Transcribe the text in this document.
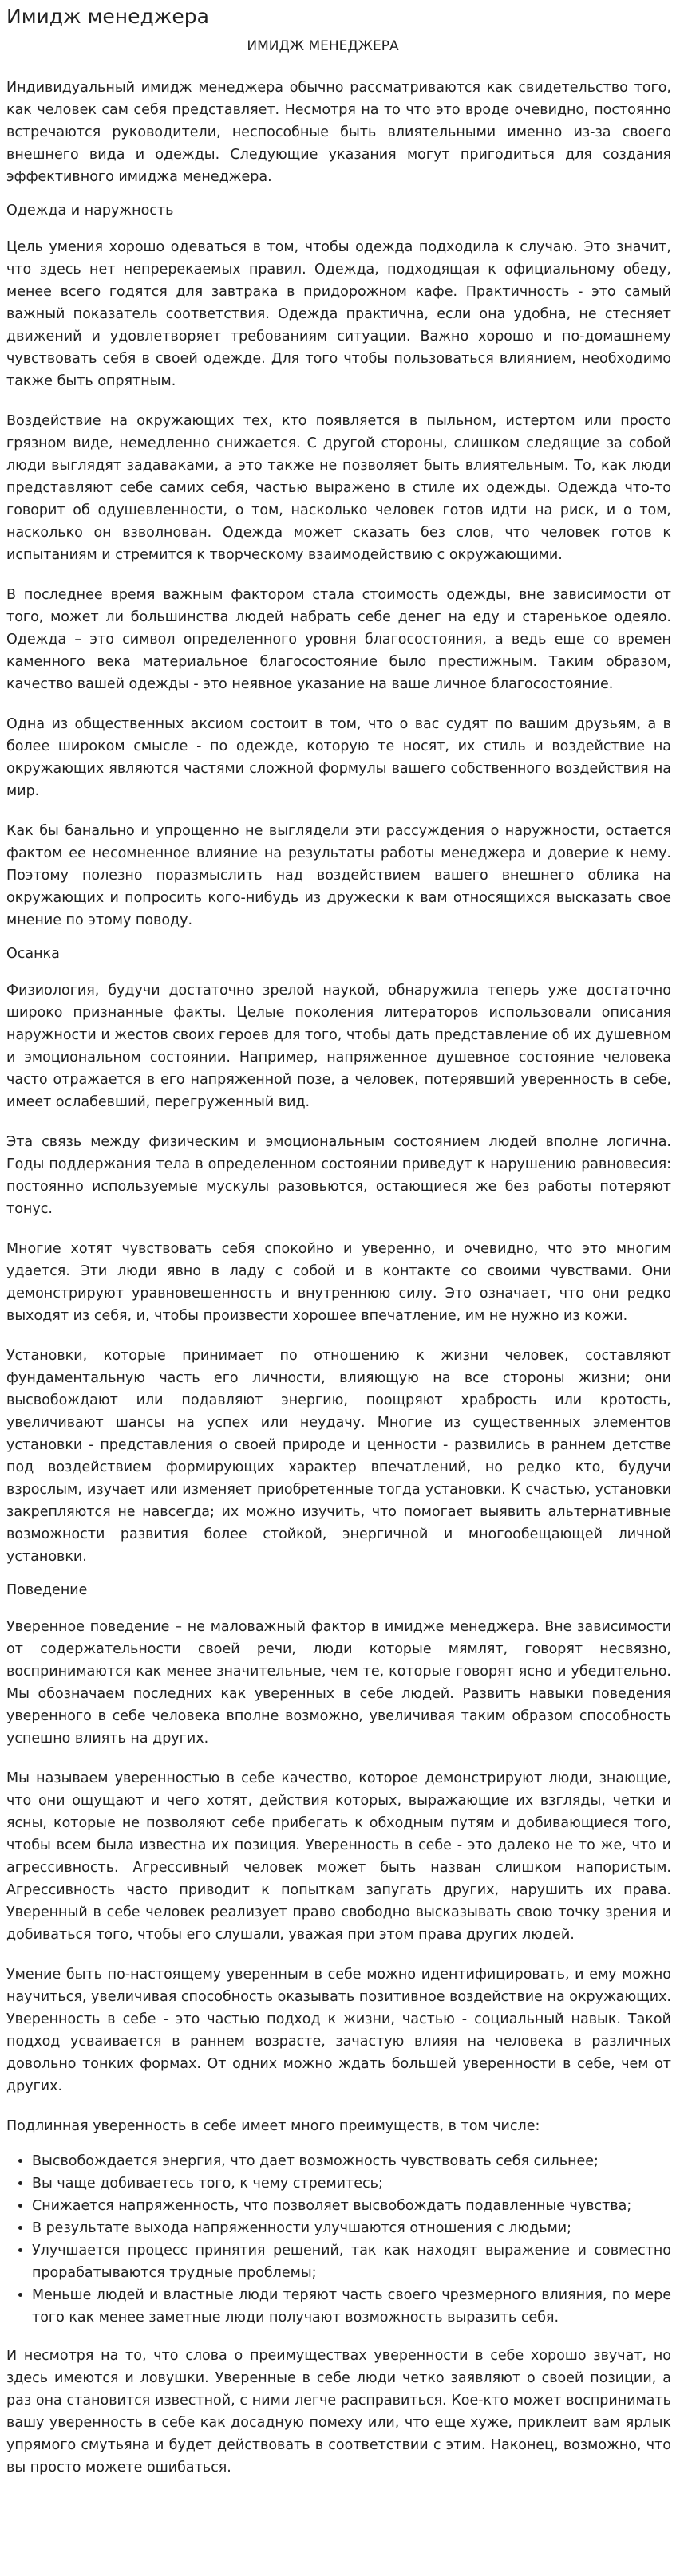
Имидж менеджера
ИМИДЖ МЕНЕДЖЕРА

Индивидуальный имидж менеджера обычно рассматриваются как свидетельство того, как человек сам себя представляет. Несмотря на то что это вроде очевидно, постоянно встречаются руководители, неспособные быть влиятельными именно из-за своего внешнего вида и одежды. Следующие указания могут пригодиться для создания эффективного имиджа менеджера.

Одежда и наружность

Цель умения хорошо одеваться в том, чтобы одежда подходила к случаю. Это значит, что здесь нет непререкаемых правил. Одежда, подходящая к официальному обеду, менее всего годятся для завтрака в придорожном кафе. Практичность - это самый важный показатель соответствия. Одежда практична, если она удобна, не стесняет движений и удовлетворяет требованиям ситуации. Важно хорошо и по-домашнему чувствовать себя в своей одежде. Для того чтобы пользоваться влиянием, необходимо также быть опрятным.

Воздействие на окружающих тех, кто появляется в пыльном, истертом или просто грязном виде, немедленно снижается. С другой стороны, слишком следящие за собой люди выглядят задаваками, а это также не позволяет быть влиятельным. То, как люди представляют себе самих себя, частью выражено в стиле их одежды. Одежда что-то говорит об одушевленности, о том, насколько человек готов идти на риск, и о том, насколько он взволнован. Одежда может сказать без слов, что человек готов к испытаниям и стремится к творческому взаимодействию с окружающими.

В последнее время важным фактором стала стоимость одежды, вне зависимости от того, может ли большинства людей набрать себе денег на еду и старенькое одеяло. Одежда – это символ определенного уровня благосостояния, а ведь еще со времен каменного века материальное благосостояние было престижным. Таким образом, качество вашей одежды - это неявное указание на ваше личное благосостояние.

Одна из общественных аксиом состоит в том, что о вас судят по вашим друзьям, а в более широком смысле - по одежде, которую те носят, их стиль и воздействие на окружающих являются частями сложной формулы вашего собственного воздействия на мир.

Как бы банально и упрощенно не выглядели эти рассуждения о наружности, остается фактом ее несомненное влияние на результаты работы менеджера и доверие к нему. Поэтому полезно поразмыслить над воздействием вашего внешнего облика на окружающих и попросить кого-нибудь из дружески к вам относящихся высказать свое мнение по этому поводу.

Осанка

Физиология, будучи достаточно зрелой наукой, обнаружила теперь уже достаточно широко признанные факты. Целые поколения литераторов использовали описания наружности и жестов своих героев для того, чтобы дать представление об их душевном и эмоциональном состоянии. Например, напряженное душевное состояние человека часто отражается в его напряженной позе, а человек, потерявший уверенность в себе, имеет ослабевший, перегруженный вид.

Эта связь между физическим и эмоциональным состоянием людей вполне логична. Годы поддержания тела в определенном состоянии приведут к нарушению равновесия: постоянно используемые мускулы разовьются, остающиеся же без работы потеряют тонус.

Многие хотят чувствовать себя спокойно и уверенно, и очевидно, что это многим удается. Эти люди явно в ладу с собой и в контакте со своими чувствами. Они демонстрируют уравновешенность и внутреннюю силу. Это означает, что они редко выходят из себя, и, чтобы произвести хорошее впечатление, им не нужно из кожи.

Установки, которые принимает по отношению к жизни человек, составляют фундаментальную часть его личности, влияющую на все стороны жизни; они высвобождают или подавляют энергию, поощряют храбрость или кротость, увеличивают шансы на успех или неудачу. Многие из существенных элементов установки - представления о своей природе и ценности - развились в раннем детстве под воздействием формирующих характер впечатлений, но редко кто, будучи взрослым, изучает или изменяет приобретенные тогда установки. К счастью, установки закрепляются не навсегда; их можно изучить, что помогает выявить альтернативные возможности развития более стойкой, энергичной и многообещающей личной установки.

Поведение

Уверенное поведение – не маловажный фактор в имидже менеджера. Вне зависимости от содержательности своей речи, люди которые мямлят, говорят несвязно, воспринимаются как менее значительные, чем те, которые говорят ясно и убедительно. Мы обозначаем последних как уверенных в себе людей. Развить навыки поведения уверенного в себе человека вполне возможно, увеличивая таким образом способность успешно влиять на других.

Мы называем уверенностью в себе качество, которое демонстрируют люди, знающие, что они ощущают и чего хотят, действия которых, выражающие их взгляды, четки и ясны, которые не позволяют себе прибегать к обходным путям и добивающиеся того, чтобы всем была известна их позиция. Уверенность в себе - это далеко не то же, что и агрессивность. Агрессивный человек может быть назван слишком напористым. Агрессивность часто приводит к попыткам запугать других, нарушить их права. Уверенный в себе человек реализует право свободно высказывать свою точку зрения и добиваться того, чтобы его слушали, уважая при этом права других людей.

Умение быть по-настоящему уверенным в себе можно идентифицировать, и ему можно научиться, увеличивая способность оказывать позитивное воздействие на окружающих. Уверенность в себе - это частью подход к жизни, частью - социальный навык. Такой подход усваивается в раннем возрасте, зачастую влияя на человека в различных довольно тонких формах. От одних можно ждать большей уверенности в себе, чем от других.

Подлинная уверенность в себе имеет много преимуществ, в том числе:

• Высвобождается энергия, что дает возможность чувствовать себя сильнее;
• Вы чаще добиваетесь того, к чему стремитесь;
• Снижается напряженность, что позволяет высвобождать подавленные чувства;
• В результате выхода напряженности улучшаются отношения с людьми;
• Улучшается процесс принятия решений, так как находят выражение и совместно прорабатываются трудные проблемы;
• Меньше людей и властные люди теряют часть своего чрезмерного влияния, по мере того как менее заметные люди получают возможность выразить себя.

И несмотря на то, что слова о преимуществах уверенности в себе хорошо звучат, но здесь имеются и ловушки. Уверенные в себе люди четко заявляют о своей позиции, а раз она становится известной, с ними легче расправиться. Кое-кто может воспринимать вашу уверенность в себе как досадную помеху или, что еще хуже, приклеит вам ярлык упрямого смутьяна и будет действовать в соответствии с этим. Наконец, возможно, что вы просто можете ошибаться.
